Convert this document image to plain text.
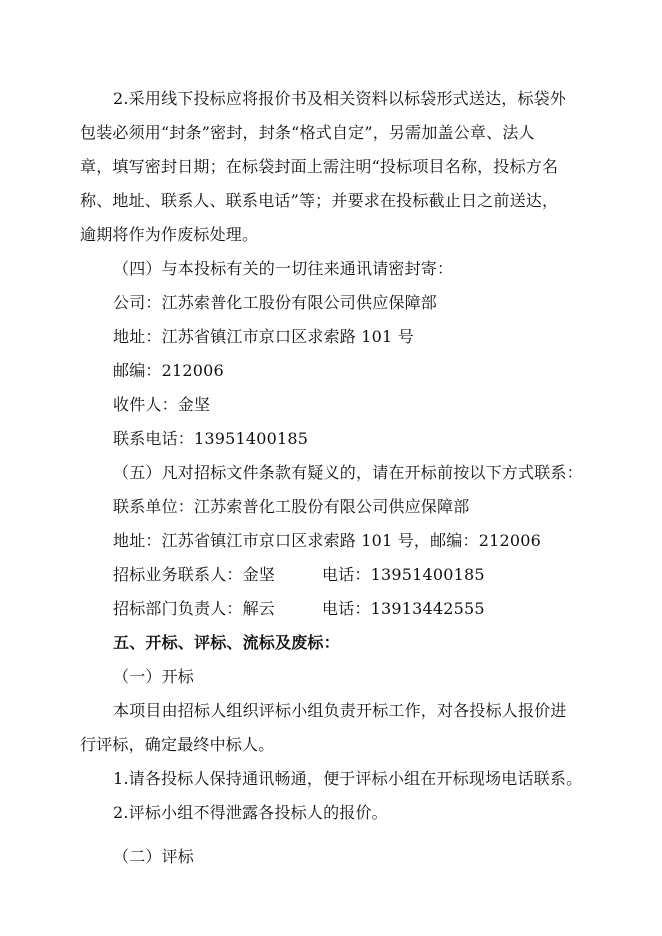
2.采用线下投标应将报价书及相关资料以标袋形式送达，标袋外
包装必须用“封条”密封，封条“格式自定”，另需加盖公章、法人
章，填写密封日期；在标袋封面上需注明“投标项目名称，投标方名
称、地址、联系人、联系电话”等；并要求在投标截止日之前送达，
逾期将作为作废标处理。
（四）与本投标有关的一切往来通讯请密封寄：
公司：江苏索普化工股份有限公司供应保障部
地址：江苏省镇江市京口区求索路 101 号
邮编：212006
收件人：金坚
联系电话：13951400185
（五）凡对招标文件条款有疑义的，请在开标前按以下方式联系：
联系单位：江苏索普化工股份有限公司供应保障部
地址：江苏省镇江市京口区求索路 101 号，邮编：212006
招标业务联系人：金坚	电话：13951400185
招标部门负责人：解云	电话：13913442555
五、开标、评标、流标及废标：
（一）开标
本项目由招标人组织评标小组负责开标工作，对各投标人报价进
行评标，确定最终中标人。
1.请各投标人保持通讯畅通，便于评标小组在开标现场电话联系。
2.评标小组不得泄露各投标人的报价。
（二）评标
